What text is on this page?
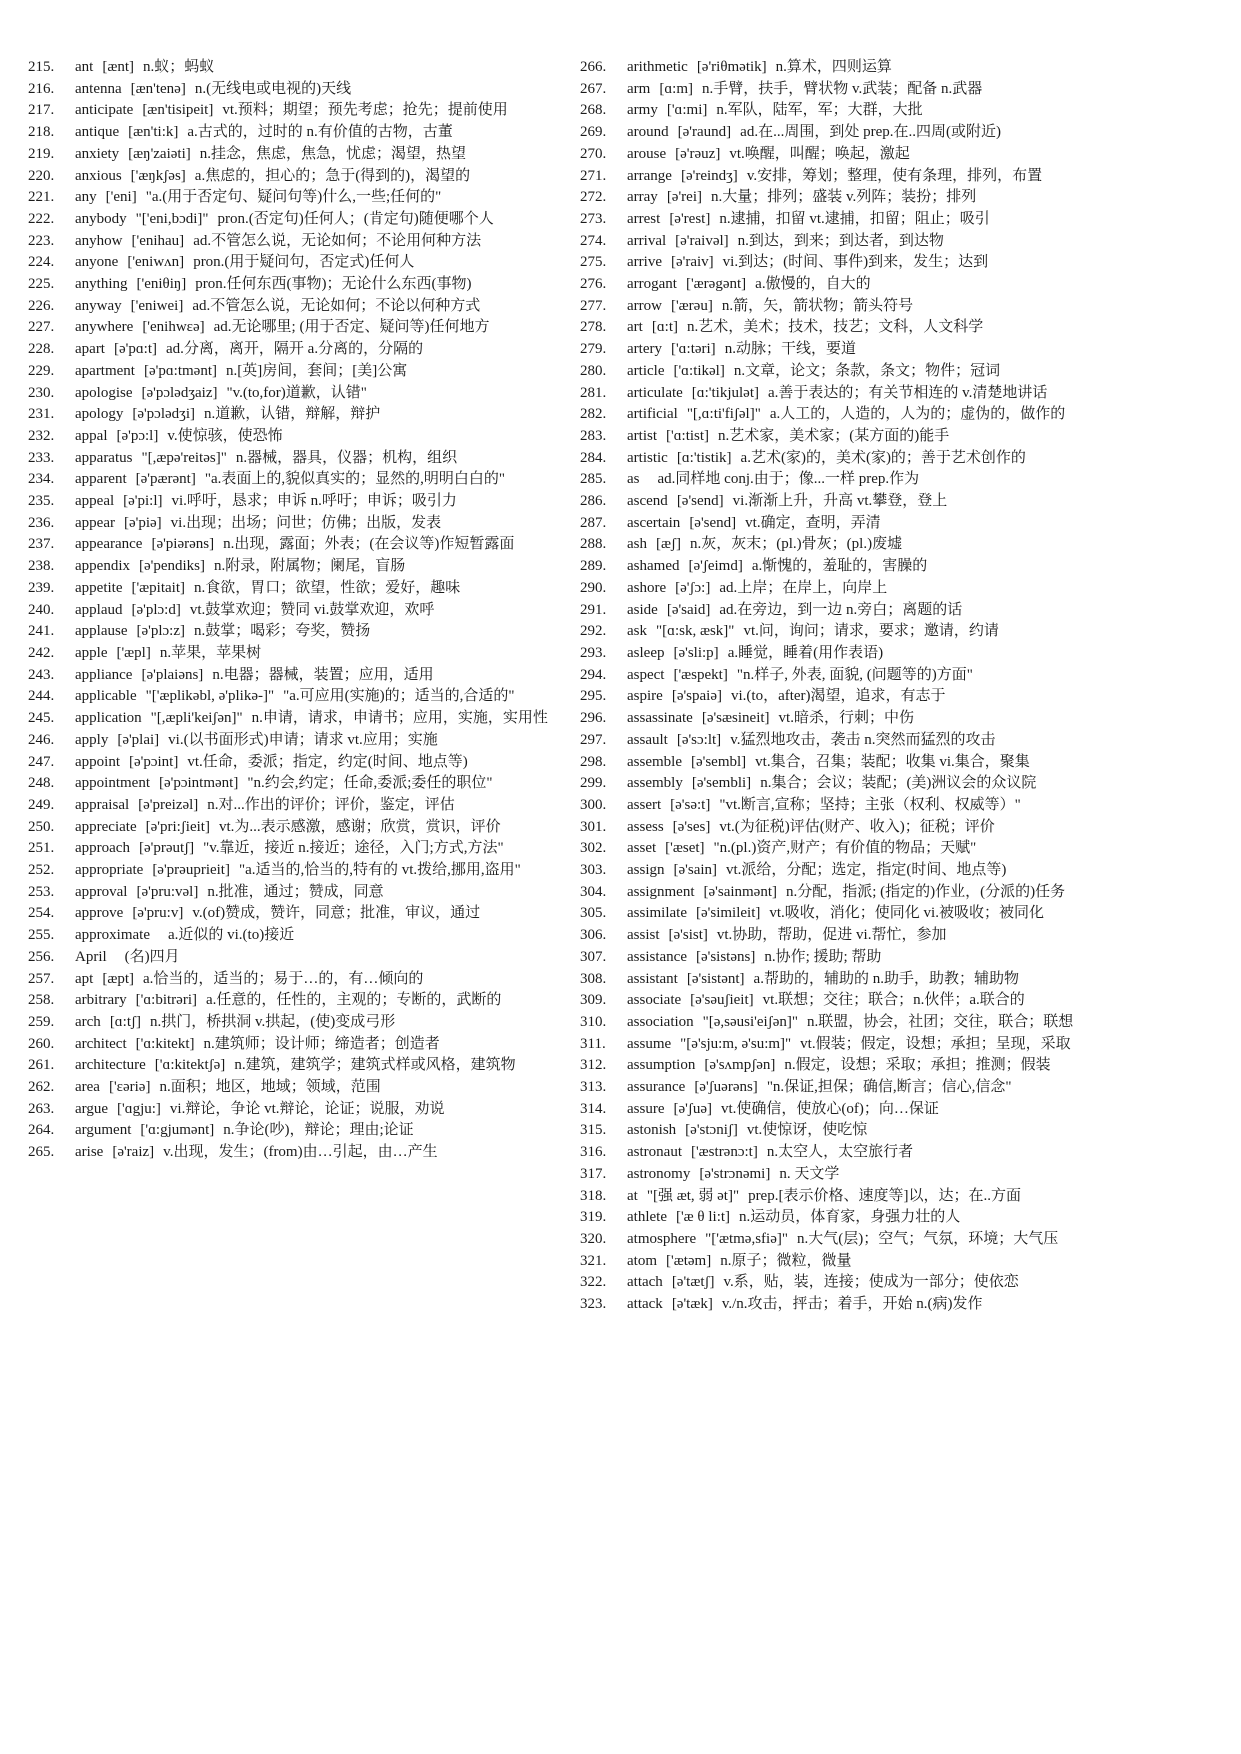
215. ant [ænt] n.蚁；蚂蚁
216. antenna [æn'tenə] n.(无线电或电视的)天线
217. anticipate [æn'tisipeit] vt.预料；期望；预先考虑；抢先；提前使用
218. antique [æn'ti:k] a.古式的，过时的 n.有价值的古物，古董
219. anxiety [æŋ'zaiəti] n.挂念，焦虑，焦急，忧虑；渴望，热望
220. anxious ['æŋkʃəs] a.焦虑的，担心的；急于(得到的)，渴望的
221. any ['eni] "a.(用于否定句、疑问句等)什么,一些;任何的"
222. anybody "['eni,bɔdi]" pron.(否定句)任何人；(肯定句)随便哪个人
223. anyhow ['enihau] ad.不管怎么说，无论如何；不论用何种方法
224. anyone ['eniwʌn] pron.(用于疑问句，否定式)任何人
225. anything ['eniθiŋ] pron.任何东西(事物)；无论什么东西(事物)
226. anyway ['eniwei] ad.不管怎么说，无论如何；不论以何种方式
227. anywhere ['enihwɛə] ad.无论哪里; (用于否定、疑问等)任何地方
228. apart [ə'pɑ:t] ad.分离，离开，隔开 a.分离的，分隔的
229. apartment [ə'pɑ:tmənt] n.[英]房间，套间；[美]公寓
230. apologise [ə'pɔlədʒaiz] "v.(to,for)道歉，认错"
231. apology [ə'pɔlədʒi] n.道歉，认错，辩解，辩护
232. appal [ə'pɔ:l] v.使惊骇，使恐怖
233. apparatus "[,æpə'reitəs]" n.器械，器具，仪器；机构，组织
234. apparent [ə'pærənt] "a.表面上的,貌似真实的；显然的,明明白白的"
235. appeal [ə'pi:l] vi.呼吁，恳求；申诉 n.呼吁；申诉；吸引力
236. appear [ə'piə] vi.出现；出场；问世；仿佛；出版，发表
237. appearance [ə'piərəns] n.出现，露面；外表；(在会议等)作短暂露面
238. appendix [ə'pendiks] n.附录，附属物；阑尾，盲肠
239. appetite ['æpitait] n.食欲，胃口；欲望，性欲；爱好，趣味
240. applaud [ə'plɔ:d] vt.鼓掌欢迎；赞同 vi.鼓掌欢迎，欢呼
241. applause [ə'plɔ:z] n.鼓掌；喝彩；夸奖，赞扬
242. apple ['æpl] n.苹果，苹果树
243. appliance [ə'plaiəns] n.电器；器械，装置；应用，适用
244. applicable "['æplikəbl, ə'plikə-]" "a.可应用(实施)的；适当的,合适的"
245. application "[,æpli'keiʃən]" n.申请，请求，申请书；应用，实施，实用性
246. apply [ə'plai] vi.(以书面形式)申请；请求 vt.应用；实施
247. appoint [ə'pɔint] vt.任命，委派；指定，约定(时间、地点等)
248. appointment [ə'pɔintmənt] "n.约会,约定；任命,委派;委任的职位"
249. appraisal [ə'preizəl] n.对...作出的评价；评价，鉴定，评估
250. appreciate [ə'pri:ʃieit] vt.为...表示感激，感谢；欣赏，赏识，评价
251. approach [ə'prəutʃ] "v.靠近，接近 n.接近；途径，入门;方式,方法"
252. appropriate [ə'prəuprieit] "a.适当的,恰当的,特有的 vt.拨给,挪用,盗用"
253. approval [ə'pru:vəl] n.批准，通过；赞成，同意
254. approve [ə'pru:v] v.(of)赞成，赞许，同意；批准，审议，通过
255. approximate a.近似的 vi.(to)接近
256. April (名)四月
257. apt [æpt] a.恰当的，适当的；易于…的，有…倾向的
258. arbitrary ['ɑ:bitrəri] a.任意的，任性的，主观的；专断的，武断的
259. arch [ɑ:tʃ] n.拱门，桥拱洞 v.拱起，(使)变成弓形
260. architect ['ɑ:kitekt] n.建筑师；设计师；缔造者；创造者
261. architecture ['ɑ:kitektʃə] n.建筑，建筑学；建筑式样或风格，建筑物
262. area ['ɛəriə] n.面积；地区，地域；领域，范围
263. argue ['ɑgju:] vi.辩论，争论 vt.辩论，论证；说服，劝说
264. argument ['ɑ:gjumənt] n.争论(吵)，辩论；理由;论证
265. arise [ə'raiz] v.出现，发生；(from)由…引起，由…产生
266. arithmetic [ə'riθmətik] n.算术，四则运算
267. arm [ɑ:m] n.手臂，扶手，臂状物 v.武装；配备 n.武器
268. army ['ɑ:mi] n.军队，陆军，军；大群，大批
269. around [ə'raund] ad.在...周围，到处 prep.在..四周(或附近)
270. arouse [ə'rəuz] vt.唤醒，叫醒；唤起，激起
271. arrange [ə'reindʒ] v.安排，筹划；整理，使有条理，排列，布置
272. array [ə'rei] n.大量；排列；盛装 v.列阵；装扮；排列
273. arrest [ə'rest] n.逮捕，扣留 vt.逮捕，扣留；阻止；吸引
274. arrival [ə'raivəl] n.到达，到来；到达者，到达物
275. arrive [ə'raiv] vi.到达；(时间、事件)到来，发生；达到
276. arrogant ['ærəgənt] a.傲慢的，自大的
277. arrow ['ærəu] n.箭，矢，箭状物；箭头符号
278. art [ɑ:t] n.艺术，美术；技术，技艺；文科，人文科学
279. artery ['ɑ:təri] n.动脉；干线，要道
280. article ['ɑ:tikəl] n.文章，论文；条款，条文；物件；冠词
281. articulate [ɑ:'tikjulət] a.善于表达的；有关节相连的 v.清楚地讲话
282. artificial "[,ɑ:ti'fiʃəl]" a.人工的，人造的，人为的；虚伪的，做作的
283. artist ['ɑ:tist] n.艺术家，美术家；(某方面的)能手
284. artistic [ɑ:'tistik] a.艺术(家)的，美术(家)的；善于艺术创作的
285. as ad.同样地 conj.由于；像...一样 prep.作为
286. ascend [ə'send] vi.渐渐上升，升高 vt.攀登，登上
287. ascertain [ə'send] vt.确定，查明，弄清
288. ash [æʃ] n.灰，灰末；(pl.)骨灰；(pl.)废墟
289. ashamed [ə'ʃeimd] a.惭愧的，羞耻的，害臊的
290. ashore [ə'ʃɔ:] ad.上岸；在岸上，向岸上
291. aside [ə'said] ad.在旁边，到一边 n.旁白；离题的话
292. ask "[ɑ:sk, æsk]" vt.问，询问；请求，要求；邀请，约请
293. asleep [ə'sli:p] a.睡觉，睡着(用作表语)
294. aspect ['æspekt] "n.样子, 外表, 面貌, (问题等的)方面"
295. aspire [ə'spaiə] vi.(to，after)渴望，追求，有志于
296. assassinate [ə'sæsineit] vt.暗杀，行刺；中伤
297. assault [ə'sɔ:lt] v.猛烈地攻击，袭击 n.突然而猛烈的攻击
298. assemble [ə'sembl] vt.集合，召集；装配；收集 vi.集合，聚集
299. assembly [ə'sembli] n.集合；会议；装配；(美)洲议会的众议院
300. assert [ə'sə:t] "vt.断言,宣称；坚持；主张（权利、权威等）"
301. assess [ə'ses] vt.(为征税)评估(财产、收入)；征税；评价
302. asset ['æset] "n.(pl.)资产,财产；有价值的物品；天赋"
303. assign [ə'sain] vt.派给，分配；选定，指定(时间、地点等)
304. assignment [ə'sainmənt] n.分配，指派; (指定的)作业，(分派的)任务
305. assimilate [ə'simileit] vt.吸收，消化；使同化 vi.被吸收；被同化
306. assist [ə'sist] vt.协助，帮助，促进 vi.帮忙，参加
307. assistance [ə'sistəns] n.协作; 援助; 帮助
308. assistant [ə'sistənt] a.帮助的，辅助的 n.助手，助教；辅助物
309. associate [ə'səuʃieit] vt.联想；交往；联合；n.伙伴；a.联合的
310. association "[ə,səusi'eiʃən]" n.联盟，协会，社团；交往，联合；联想
311. assume "[ə'sju:m, ə'su:m]" vt.假装；假定，设想；承担；呈现，采取
312. assumption [ə'sʌmpʃən] n.假定，设想；采取；承担；推测；假装
313. assurance [ə'ʃuərəns] "n.保证,担保；确信,断言；信心,信念"
314. assure [ə'ʃuə] vt.使确信，使放心(of)；向…保证
315. astonish [ə'stɔniʃ] vt.使惊讶，使吃惊
316. astronaut ['æstrənɔ:t] n.太空人，太空旅行者
317. astronomy [ə'strɔnəmi] n. 天文学
318. at "[强 æt, 弱 ət]" prep.[表示价格、速度等]以，达；在..方面
319. athlete ['æ θ li:t] n.运动员，体育家，身强力壮的人
320. atmosphere "['ætmə,sfiə]" n.大气(层)；空气；气氛，环境；大气压
321. atom ['ætəm] n.原子；微粒，微量
322. attach [ə'tætʃ] v.系，贴，装，连接；使成为一部分；使依恋
323. attack [ə'tæk] v./n.攻击，抨击；着手，开始 n.(病)发作
